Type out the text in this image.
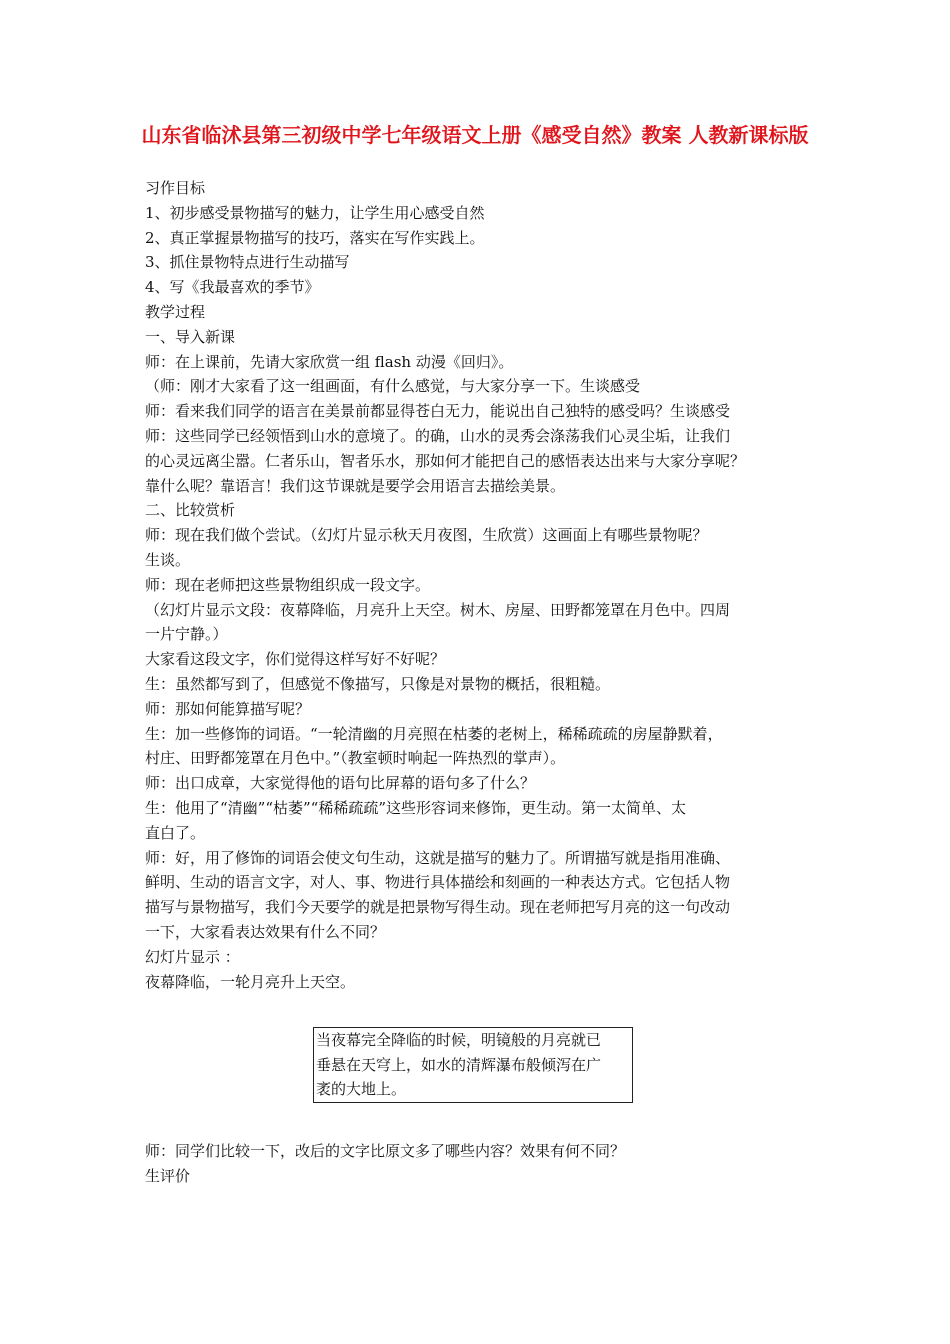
山东省临沭县第三初级中学七年级语文上册《感受自然》教案 人教新课标版
习作目标
1、初步感受景物描写的魅力，让学生用心感受自然
2、真正掌握景物描写的技巧，落实在写作实践上。
3、抓住景物特点进行生动描写
4、写《我最喜欢的季节》
教学过程
一、导入新课
师：在上课前，先请大家欣赏一组 flash 动漫《回归》。
（师：刚才大家看了这一组画面，有什么感觉，与大家分享一下。生谈感受
师：看来我们同学的语言在美景前都显得苍白无力，能说出自己独特的感受吗？生谈感受
师：这些同学已经领悟到山水的意境了。的确，山水的灵秀会涤荡我们心灵尘垢，让我们
的心灵远离尘嚣。仁者乐山，智者乐水，那如何才能把自己的感悟表达出来与大家分享呢？
靠什么呢？靠语言！我们这节课就是要学会用语言去描绘美景。
二、比较赏析
师：现在我们做个尝试。（幻灯片显示秋天月夜图，生欣赏）这画面上有哪些景物呢？
生谈。
师：现在老师把这些景物组织成一段文字。
（幻灯片显示文段：夜幕降临，月亮升上天空。树木、房屋、田野都笼罩在月色中。四周
一片宁静。）
大家看这段文字，你们觉得这样写好不好呢？
生：虽然都写到了，但感觉不像描写，只像是对景物的概括，很粗糙。
师：那如何能算描写呢？
生：加一些修饰的词语。“一轮清幽的月亮照在枯萎的老树上，稀稀疏疏的房屋静默着，
村庄、田野都笼罩在月色中。”（教室顿时响起一阵热烈的掌声）。
师：出口成章，大家觉得他的语句比屏幕的语句多了什么？
生：他用了“清幽”“枯萎”“稀稀疏疏”这些形容词来修饰，更生动。第一太简单、太
直白了。
师：好，用了修饰的词语会使文句生动，这就是描写的魅力了。所谓描写就是指用准确、
鲜明、生动的语言文字，对人、事、物进行具体描绘和刻画的一种表达方式。它包括人物
描写与景物描写，我们今天要学的就是把景物写得生动。现在老师把写月亮的这一句改动
一下，大家看表达效果有什么不同？
幻灯片显示 ：
夜幕降临，一轮月亮升上天空。
当夜幕完全降临的时候，明镜般的月亮就已
垂悬在天穹上，如水的清辉瀑布般倾泻在广
袤的大地上。
师：同学们比较一下，改后的文字比原文多了哪些内容？效果有何不同？
生评价
